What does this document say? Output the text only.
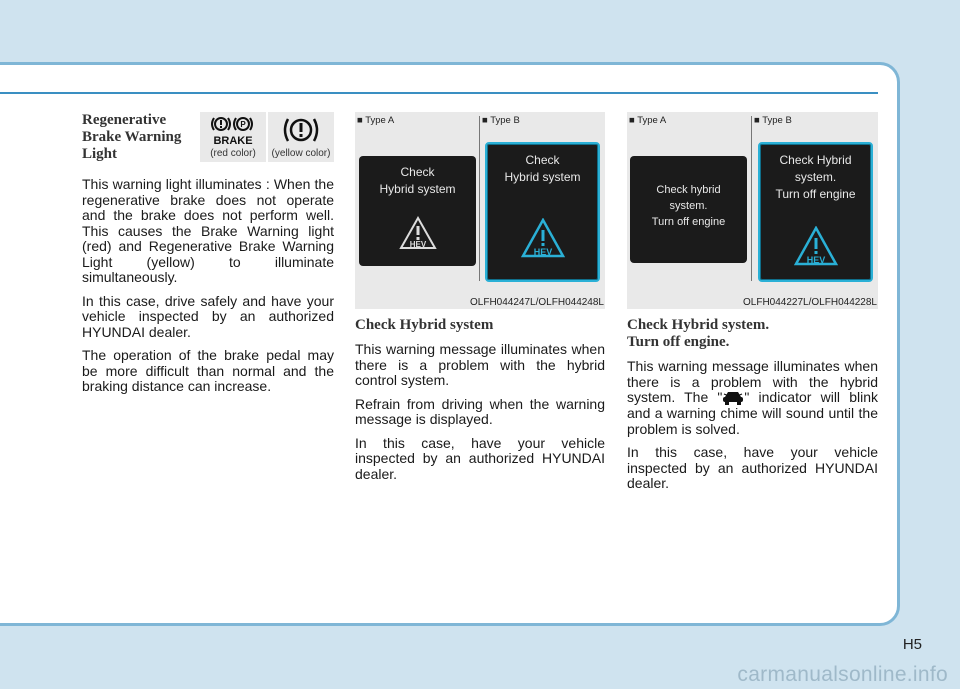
Regenerative Brake Warning Light
P
BRAKE
(red color) (yellow color)

This warning light illuminates : When the regenerative brake does not operate and the brake does not perform well. This causes the Brake Warning light (red) and Regenerative Brake Warning Light (yellow) to illuminate simultaneously.

In this case, drive safely and have your vehicle inspected by an authorized HYUNDAI dealer.

The operation of the brake pedal may be more difficult than normal and the braking distance can increase.

■ Type A	■ Type B
Check
Hybrid system
HEV
Check
Hybrid system
HEV
OLFH044247L/OLFH044248L
Check Hybrid system

This warning message illuminates when there is a problem with the hybrid control system.

Refrain from driving when the warning message is displayed.

In this case, have your vehicle inspected by an authorized HYUNDAI dealer.

■ Type A	■ Type B
Check hybrid
system.
Turn off engine
Check Hybrid
system.
Turn off engine
HEV
OLFH044227L/OLFH044228L
Check Hybrid system.
Turn off engine.

This warning message illuminates when there is a problem with the hybrid system. The " " indicator will blink and a warning chime will sound until the problem is solved.

In this case, have your vehicle inspected by an authorized HYUNDAI dealer.

H5
carmanualsonline.info
